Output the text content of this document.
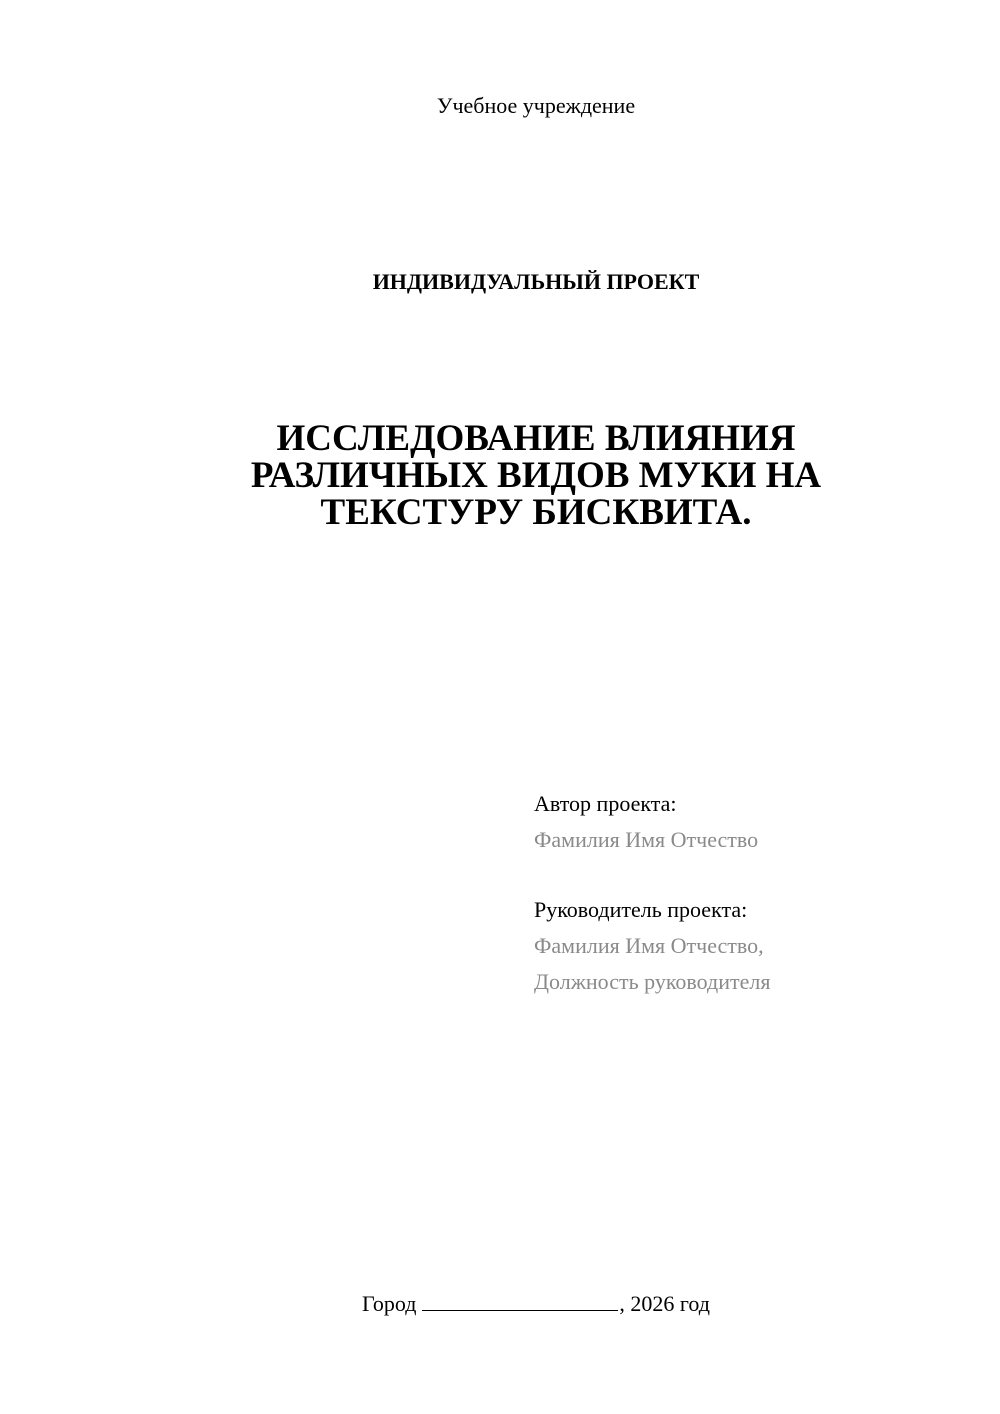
Учебное учреждение
ИНДИВИДУАЛЬНЫЙ ПРОЕКТ
ИССЛЕДОВАНИЕ ВЛИЯНИЯ
РАЗЛИЧНЫХ ВИДОВ МУКИ НА
ТЕКСТУРУ БИСКВИТА.
Автор проекта:
Фамилия Имя Отчество
Руководитель проекта:
Фамилия Имя Отчество,
Должность руководителя
Город	, 2026 год
